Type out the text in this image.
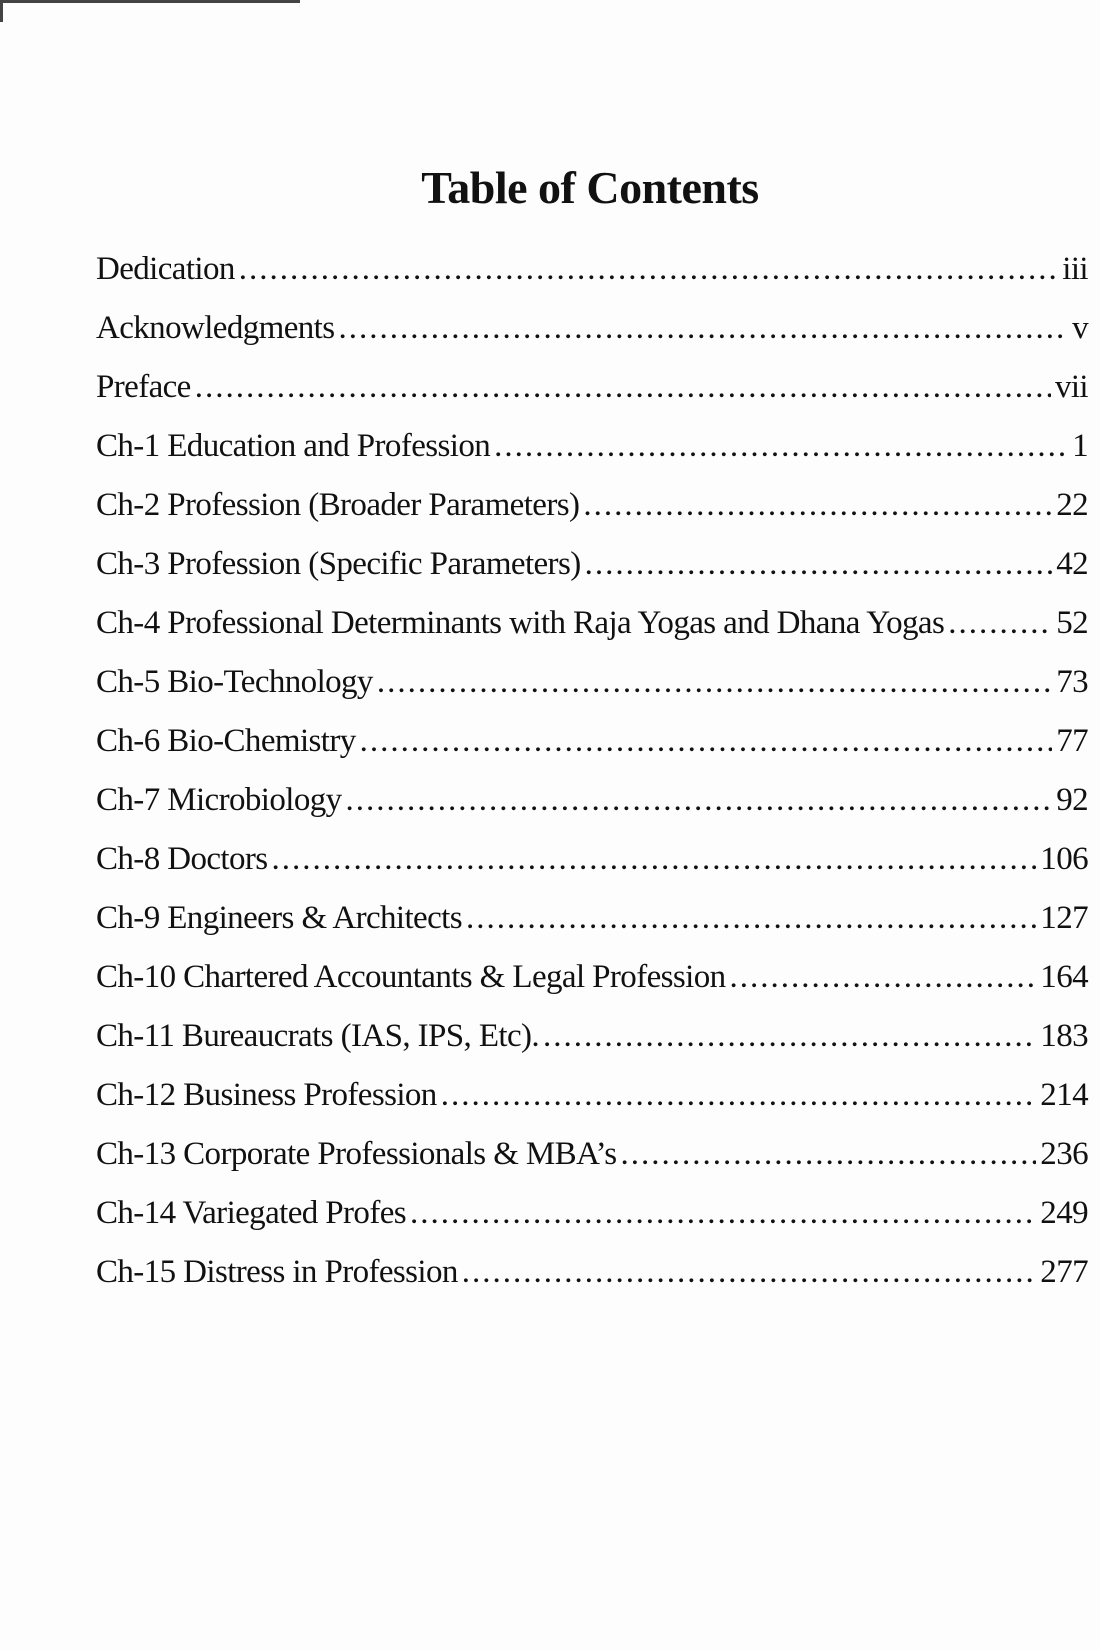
Table of Contents
Dedication .....	iii
Acknowledgments .....	v
Preface .....	vii
Ch-1 Education and Profession .....	1
Ch-2 Profession (Broader Parameters) .....	22
Ch-3 Profession (Specific Parameters) .....	42
Ch-4 Professional Determinants with Raja Yogas and Dhana Yogas .....	52
Ch-5 Bio-Technology .....	73
Ch-6 Bio-Chemistry .....	77
Ch-7 Microbiology .....	92
Ch-8 Doctors .....	106
Ch-9 Engineers & Architects .....	127
Ch-10 Chartered Accountants & Legal Profession .....	164
Ch-11 Bureaucrats (IAS, IPS, Etc). .....	183
Ch-12 Business Profession .....	214
Ch-13 Corporate Professionals & MBA’s .....	236
Ch-14 Variegated Profes .....	249
Ch-15 Distress in Profession .....	277
